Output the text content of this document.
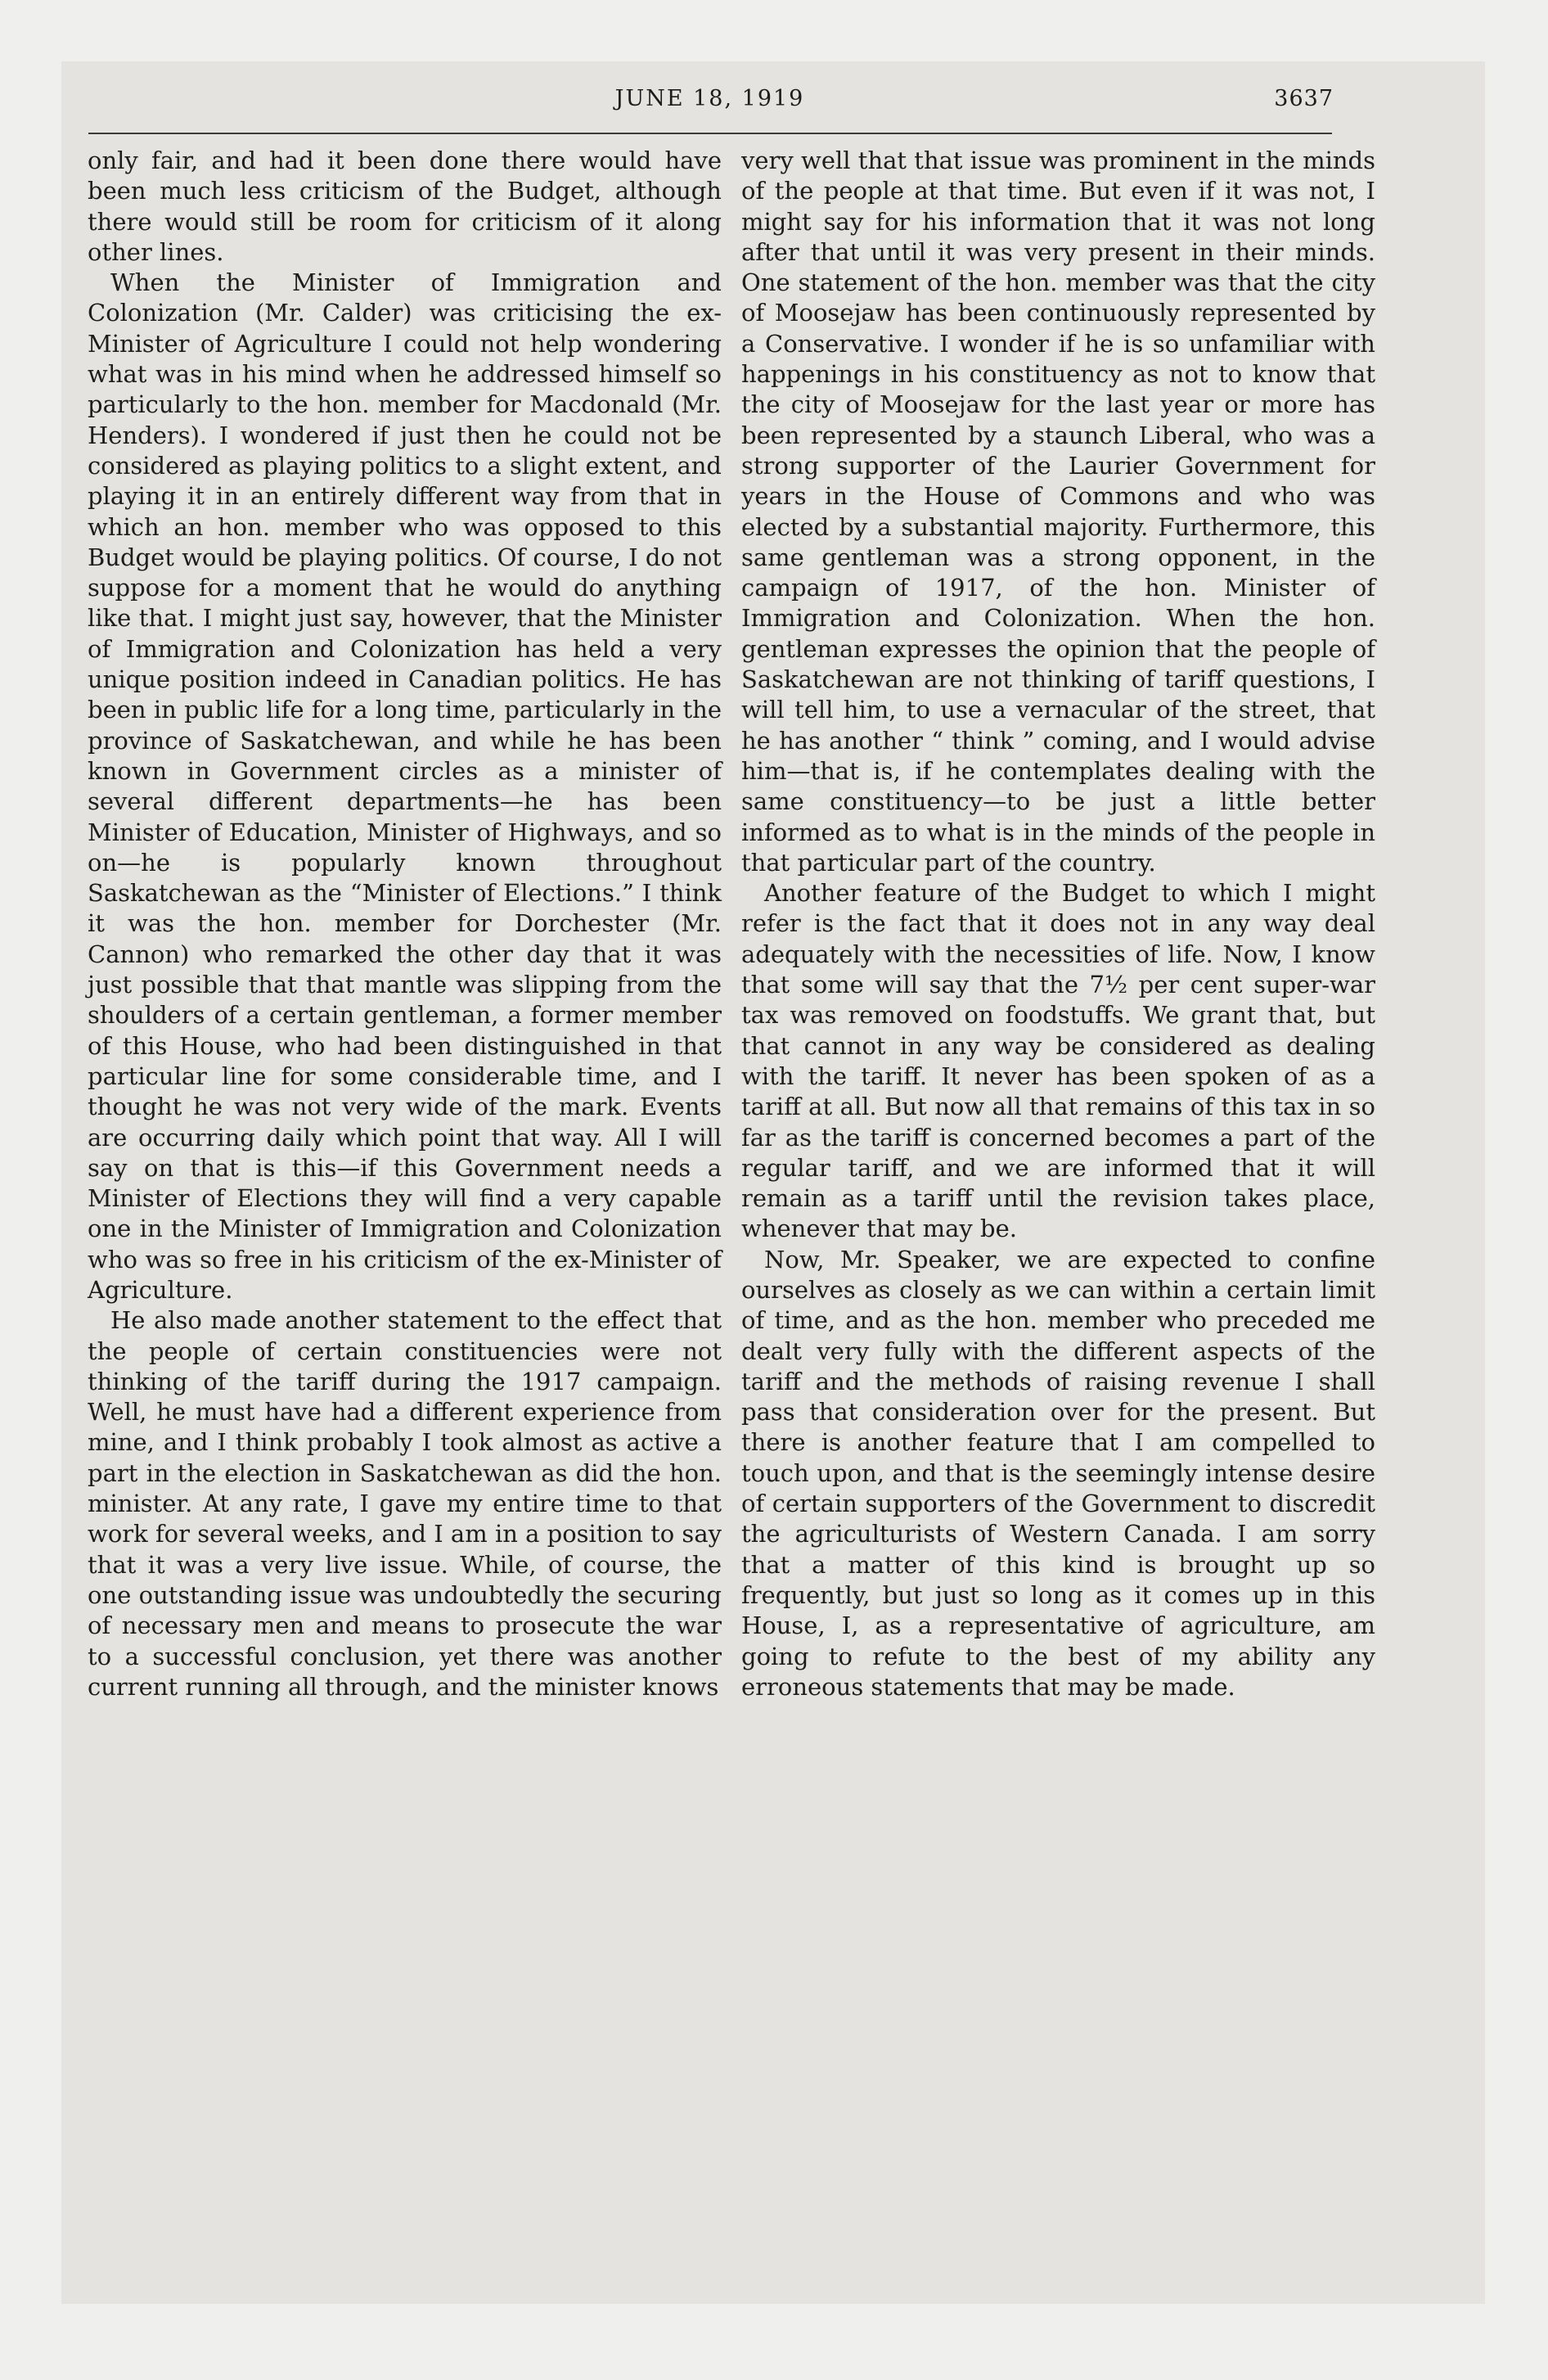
JUNE 18, 1919	3637

only fair, and had it been done there would have been much less criticism of the Budget, although there would still be room for criticism of it along other lines.

When the Minister of Immigration and Colonization (Mr. Calder) was criticising the ex-Minister of Agriculture I could not help wondering what was in his mind when he addressed himself so particularly to the hon. member for Macdonald (Mr. Henders). I wondered if just then he could not be considered as playing politics to a slight extent, and playing it in an entirely different way from that in which an hon. member who was opposed to this Budget would be playing politics. Of course, I do not suppose for a moment that he would do anything like that. I might just say, however, that the Minister of Immigration and Colonization has held a very unique position indeed in Canadian politics. He has been in public life for a long time, particularly in the province of Saskatchewan, and while he has been known in Government circles as a minister of several different departments—he has been Minister of Education, Minister of Highways, and so on—he is popularly known throughout Saskatchewan as the “Minister of Elections.” I think it was the hon. member for Dorchester (Mr. Cannon) who remarked the other day that it was just possible that that mantle was slipping from the shoulders of a certain gentleman, a former member of this House, who had been distinguished in that particular line for some considerable time, and I thought he was not very wide of the mark. Events are occurring daily which point that way. All I will say on that is this—if this Government needs a Minister of Elections they will find a very capable one in the Minister of Immigration and Colonization who was so free in his criticism of the ex-Minister of Agriculture.

He also made another statement to the effect that the people of certain constituencies were not thinking of the tariff during the 1917 campaign. Well, he must have had a different experience from mine, and I think probably I took almost as active a part in the election in Saskatchewan as did the hon. minister. At any rate, I gave my entire time to that work for several weeks, and I am in a position to say that it was a very live issue. While, of course, the one outstanding issue was undoubtedly the securing of necessary men and means to prosecute the war to a successful conclusion, yet there was another current running all through, and the minister knows

very well that that issue was prominent in the minds of the people at that time. But even if it was not, I might say for his information that it was not long after that until it was very present in their minds. One statement of the hon. member was that the city of Moosejaw has been continuously represented by a Conservative. I wonder if he is so unfamiliar with happenings in his constituency as not to know that the city of Moosejaw for the last year or more has been represented by a staunch Liberal, who was a strong supporter of the Laurier Government for years in the House of Commons and who was elected by a substantial majority. Furthermore, this same gentleman was a strong opponent, in the campaign of 1917, of the hon. Minister of Immigration and Colonization. When the hon. gentleman expresses the opinion that the people of Saskatchewan are not thinking of tariff questions, I will tell him, to use a vernacular of the street, that he has another “ think ” coming, and I would advise him—that is, if he contemplates dealing with the same constituency—to be just a little better informed as to what is in the minds of the people in that particular part of the country.

Another feature of the Budget to which I might refer is the fact that it does not in any way deal adequately with the necessities of life. Now, I know that some will say that the 7½ per cent super-war tax was removed on foodstuffs. We grant that, but that cannot in any way be considered as dealing with the tariff. It never has been spoken of as a tariff at all. But now all that remains of this tax in so far as the tariff is concerned becomes a part of the regular tariff, and we are informed that it will remain as a tariff until the revision takes place, whenever that may be.

Now, Mr. Speaker, we are expected to confine ourselves as closely as we can within a certain limit of time, and as the hon. member who preceded me dealt very fully with the different aspects of the tariff and the methods of raising revenue I shall pass that consideration over for the present. But there is another feature that I am compelled to touch upon, and that is the seemingly intense desire of certain supporters of the Government to discredit the agriculturists of Western Canada. I am sorry that a matter of this kind is brought up so frequently, but just so long as it comes up in this House, I, as a representative of agriculture, am going to refute to the best of my ability any erroneous statements that may be made.
